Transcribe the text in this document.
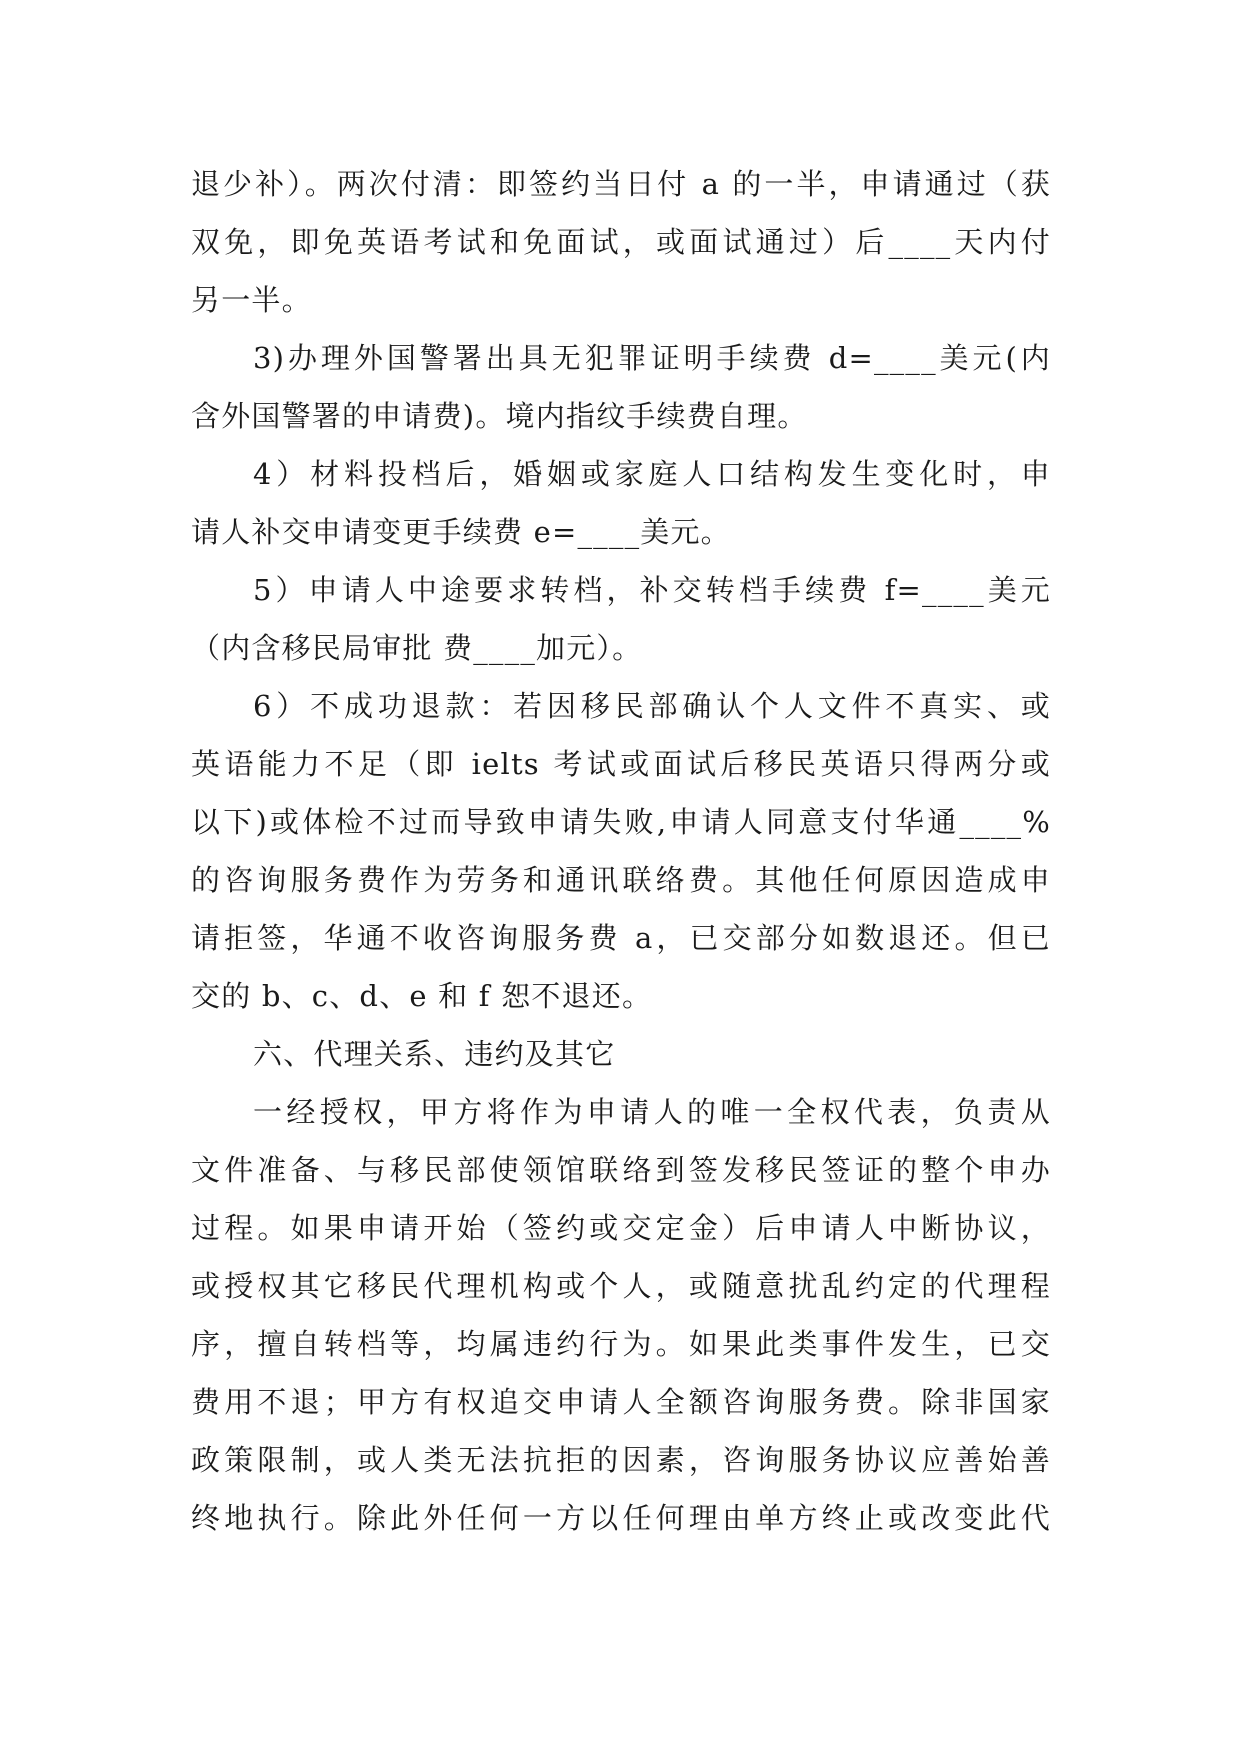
退少补）。两次付清：即签约当日付 a 的一半，申请通过（获
双免，即免英语考试和免面试，或面试通过）后____天内付
另一半。
3)办理外国警署出具无犯罪证明手续费 d=____美元(内
含外国警署的申请费)。境内指纹手续费自理。
4）材料投档后，婚姻或家庭人口结构发生变化时，申
请人补交申请变更手续费 e=____美元。
5）申请人中途要求转档，补交转档手续费 f=____美元
（内含移民局审批 费____加元）。
6）不成功退款：若因移民部确认个人文件不真实、或
英语能力不足（即 ielts 考试或面试后移民英语只得两分或
以下)或体检不过而导致申请失败,申请人同意支付华通____%
的咨询服务费作为劳务和通讯联络费。其他任何原因造成申
请拒签，华通不收咨询服务费 a，已交部分如数退还。但已
交的 b、c、d、e 和 f 恕不退还。
六、代理关系、违约及其它
一经授权，甲方将作为申请人的唯一全权代表，负责从
文件准备、与移民部使领馆联络到签发移民签证的整个申办
过程。如果申请开始（签约或交定金）后申请人中断协议，
或授权其它移民代理机构或个人，或随意扰乱约定的代理程
序，擅自转档等，均属违约行为。如果此类事件发生，已交
费用不退；甲方有权追交申请人全额咨询服务费。除非国家
政策限制，或人类无法抗拒的因素，咨询服务协议应善始善
终地执行。除此外任何一方以任何理由单方终止或改变此代
